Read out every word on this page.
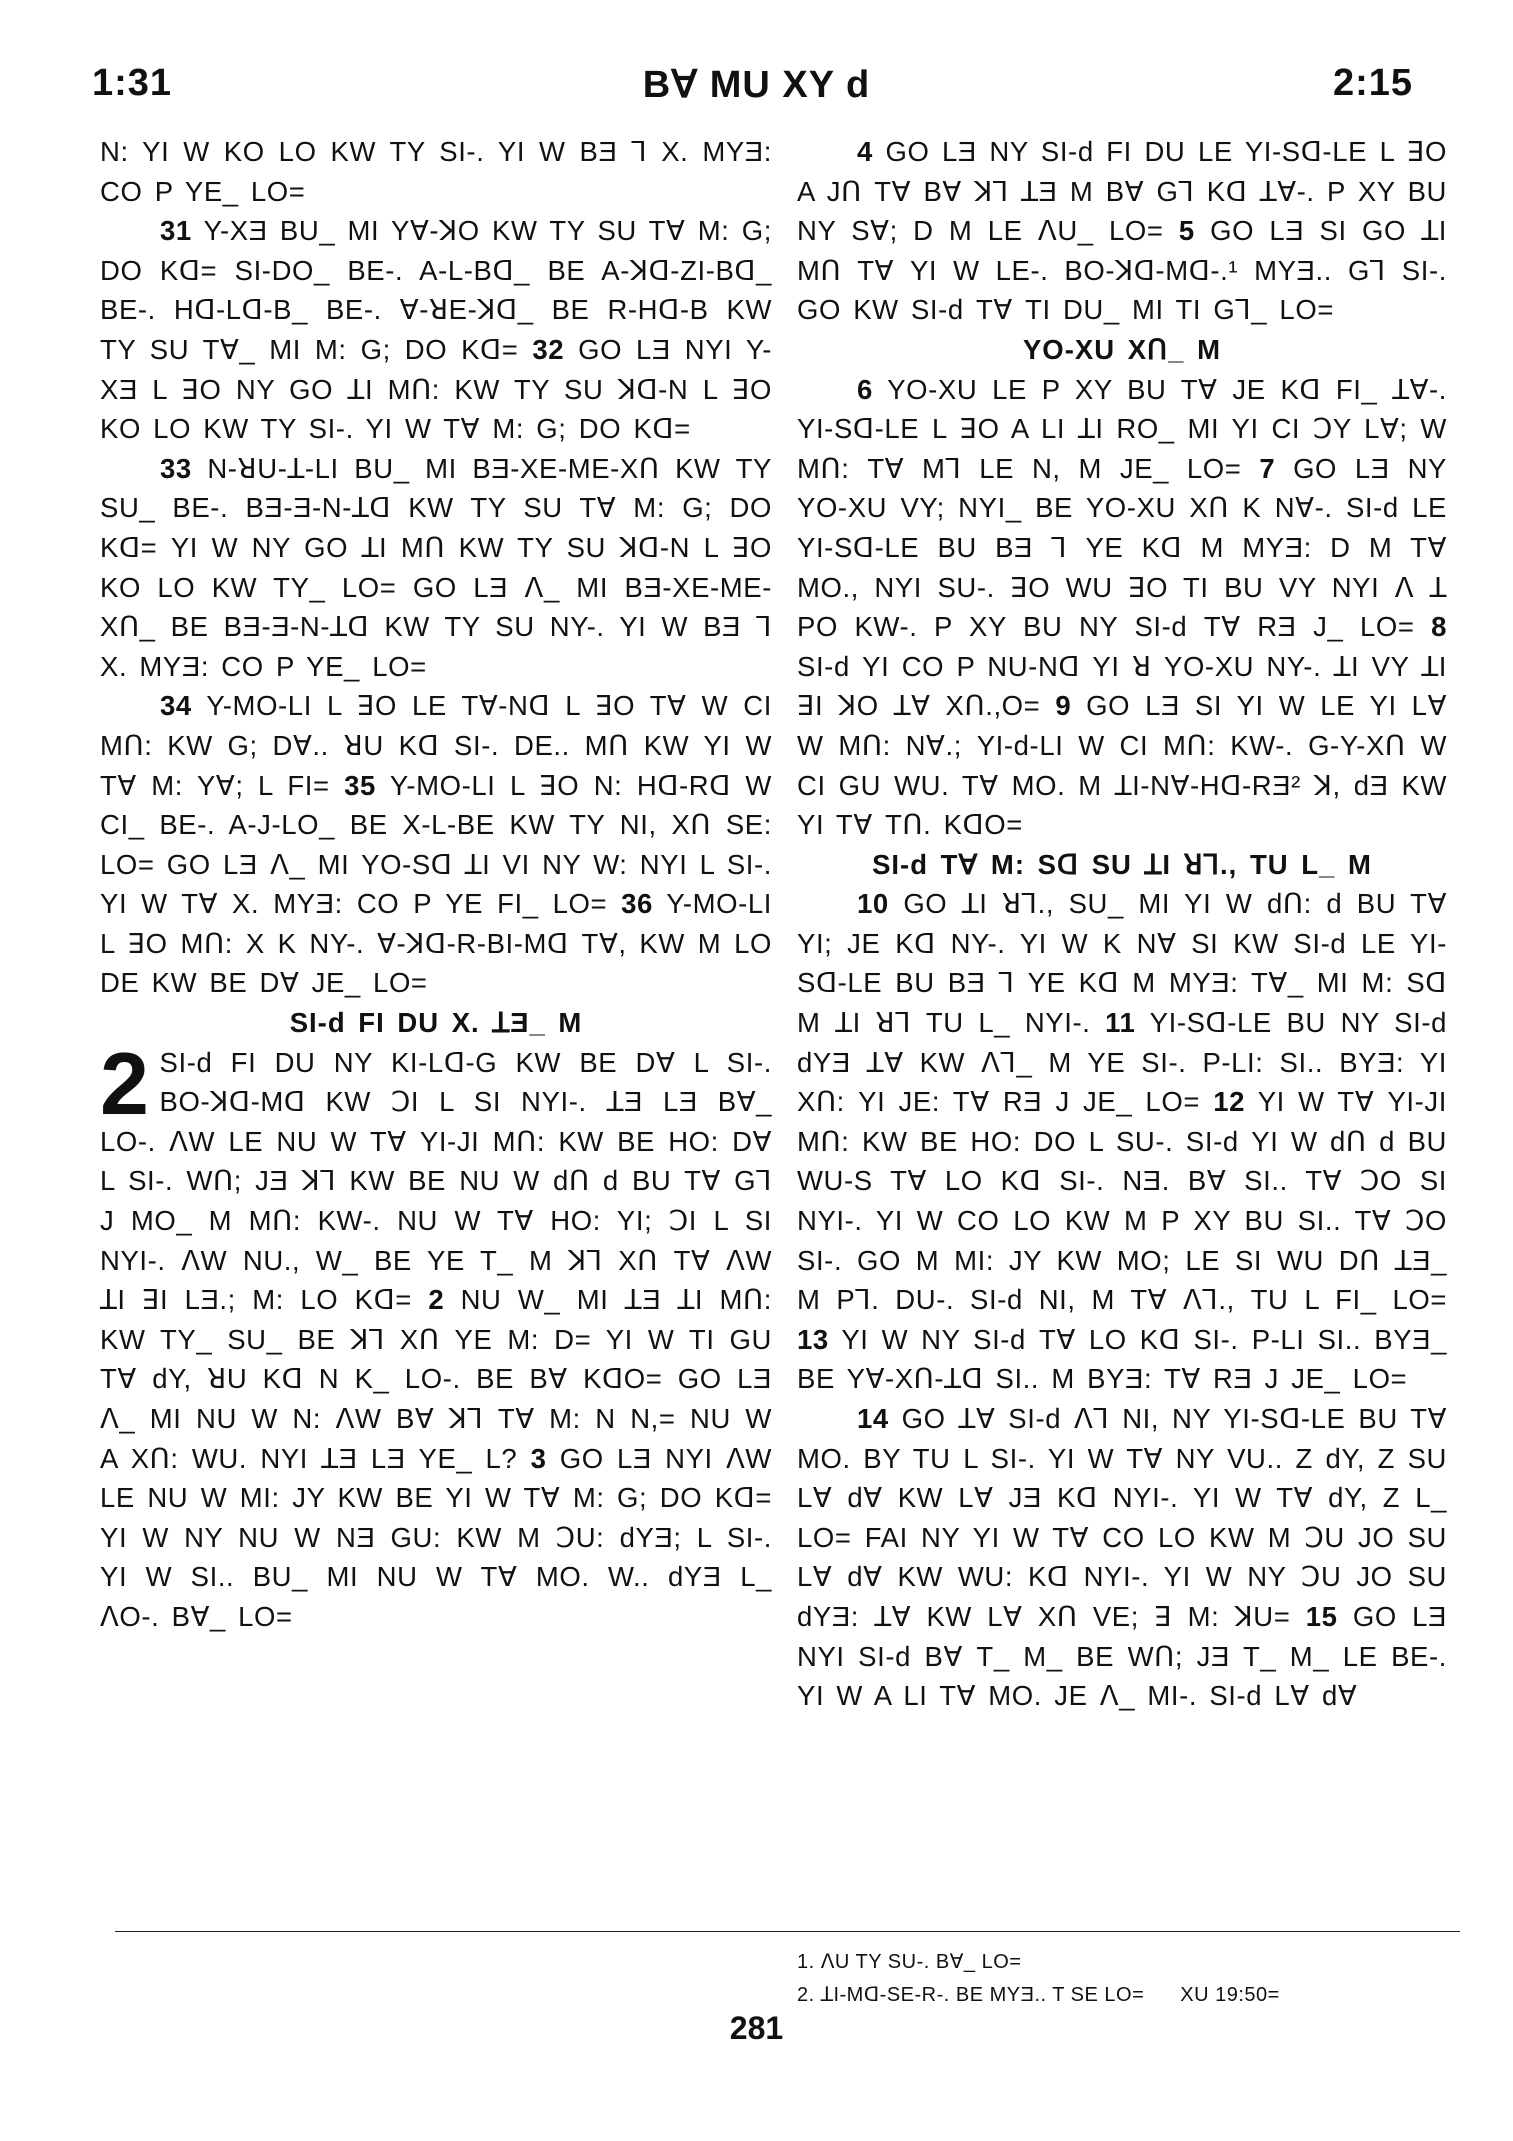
1:31	Bꓯ MU XY ԁ	2:15

N: YI W KO LO KW TY SI-. YI W BƎ ꓶ X. MYƎ: CO P YE_ LO=

31 Y-XƎ BU_ MI Yꓯ-ꓘO KW TY SU Tꓯ M: G; DO Kꓷ= SI-DO_ BE-. A-L-Bꓷ_ BE A-ꓘꓷ-ZI-Bꓷ_ BE-. Hꓷ-Lꓷ-B_ BE-. ꓯ-ꓤE-ꓘꓷ_ BE R-Hꓷ-B KW TY SU Tꓯ_ MI M: G; DO Kꓷ= 32 GO LƎ NYI Y-XƎ L ꓱO NY GO ꓕI Mꓵ: KW TY SU ꓘꓷ-N L ꓱO KO LO KW TY SI-. YI W Tꓯ M: G; DO Kꓷ=

33 N-ꓤU-ꓕ-LI BU_ MI BƎ-XE-ME-Xꓵ KW TY SU_ BE-. BƎ-Ǝ-N-ꓕꓷ KW TY SU Tꓯ M: G; DO Kꓷ= YI W NY GO ꓕI Mꓵ KW TY SU ꓘꓷ-N L ꓱO KO LO KW TY_ LO= GO LƎ ꓥ_ MI BƎ-XE-ME-Xꓵ_ BE BƎ-Ǝ-N-ꓕꓷ KW TY SU NY-. YI W BƎ ꓶ X. MYƎ: CO P YE_ LO=

34 Y-MO-LI L ꓱO LE Tꓯ-Nꓷ L ꓱO Tꓯ W CI Mꓵ: KW G; Dꓯ.. ꓤU Kꓷ SI-. DE.. Mꓵ KW YI W Tꓯ M: Yꓯ; L FI= 35 Y-MO-LI L ꓱO N: Hꓷ-Rꓷ W CI_ BE-. A-J-LO_ BE X-L-BE KW TY NI, Xꓵ SE: LO= GO LƎ ꓥ_ MI YO-Sꓷ ꓕI VI NY W: NYI L SI-. YI W Tꓯ X. MYƎ: CO P YE FI_ LO= 36 Y-MO-LI L ꓱO Mꓵ: X K NY-. ꓯ-ꓘꓷ-R-BI-Mꓷ Tꓯ, KW M LO DE KW BE Dꓯ JE_ LO=

SI-ԁ FI DU X. ꓕƎ_ M

2 SI-ԁ FI DU NY KI-Lꓷ-G KW BE Dꓯ L SI-. BO-ꓘꓷ-Mꓷ KW ꓛI L SI NYI-. ꓕƎ LƎ Bꓯ_ LO-. ꓥW LE NU W Tꓯ YI-JI Mꓵ: KW BE HO: Dꓯ L SI-. Wꓵ; JƎ ꓘꓶ KW BE NU W ԁꓵ ԁ BU Tꓯ Gꓶ J MO_ M Mꓵ: KW-. NU W Tꓯ HO: YI; ꓛI L SI NYI-. ꓥW NU., W_ BE YE T_ M ꓘꓶ Xꓵ Tꓯ ꓥW ꓕI ꓱI LƎ.; M: LO Kꓷ= 2 NU W_ MI ꓕƎ ꓕI Mꓵ: KW TY_ SU_ BE ꓘꓶ Xꓵ YE M: D= YI W TI GU Tꓯ ԁY, ꓤU Kꓷ N K_ LO-. BE Bꓯ KꓷO= GO LƎ ꓥ_ MI NU W N: ꓥW Bꓯ ꓘꓶ Tꓯ M: N N,= NU W A Xꓵ: WU. NYI ꓕƎ LƎ YE_ L? 3 GO LƎ NYI ꓥW LE NU W MI: JY KW BE YI W Tꓯ M: G; DO Kꓷ= YI W NY NU W NƎ GU: KW M ꓛU: ԁYƎ; L SI-. YI W SI.. BU_ MI NU W Tꓯ MO. W.. ԁYƎ L_ ꓥO-. Bꓯ_ LO=

4 GO LƎ NY SI-ԁ FI DU LE YI-Sꓷ-LE L ꓱO A Jꓵ Tꓯ Bꓯ ꓘꓶ ꓕƎ M Bꓯ Gꓶ Kꓷ ꓕꓯ-. P XY BU NY Sꓯ; D M LE ꓥU_ LO= 5 GO LƎ SI GO ꓕI Mꓵ Tꓯ YI W LE-. BO-ꓘꓷ-Mꓷ-.¹ MYƎ.. Gꓶ SI-. GO KW SI-ԁ Tꓯ TI DU_ MI TI Gꓶ_ LO=

YO-XU Xꓵ_ M

6 YO-XU LE P XY BU Tꓯ JE Kꓷ FI_ ꓕꓯ-. YI-Sꓷ-LE L ꓱO A LI ꓕI RO_ MI YI CI ꓛY Lꓯ; W Mꓵ: Tꓯ Mꓶ LE N, M JE_ LO= 7 GO LƎ NY YO-XU VY; NYI_ BE YO-XU Xꓵ K Nꓯ-. SI-ԁ LE YI-Sꓷ-LE BU BƎ ꓶ YE Kꓷ M MYƎ: D M Tꓯ MO., NYI SU-. ꓱO WU ꓱO TI BU VY NYI ꓥ ꓕ PO KW-. P XY BU NY SI-ԁ Tꓯ RƎ J_ LO= 8 SI-ԁ YI CO P NU-Nꓷ YI ꓤ YO-XU NY-. ꓕI VY ꓕI ꓱI ꓘO ꓕꓯ Xꓵ.,O= 9 GO LƎ SI YI W LE YI Lꓯ W Mꓵ: Nꓯ.; YI-ԁ-LI W CI Mꓵ: KW-. G-Y-Xꓵ W CI GU WU. Tꓯ MO. M ꓕI-Nꓯ-Hꓷ-RƎ² ꓘ, ԁƎ KW YI Tꓯ Tꓵ. KꓷO=

SI-ԁ Tꓯ M: Sꓷ SU ꓕI ꓤꓶ., TU L_ M

10 GO ꓕI ꓤꓶ., SU_ MI YI W ԁꓵ: ԁ BU Tꓯ YI; JE Kꓷ NY-. YI W K Nꓯ SI KW SI-ԁ LE YI-Sꓷ-LE BU BƎ ꓶ YE Kꓷ M MYƎ: Tꓯ_ MI M: Sꓷ M ꓕI ꓤꓶ TU L_ NYI-. 11 YI-Sꓷ-LE BU NY SI-ԁ ԁYƎ ꓕꓯ KW ꓥꓶ_ M YE SI-. P-LI: SI.. BYƎ: YI Xꓵ: YI JE: Tꓯ RƎ J JE_ LO= 12 YI W Tꓯ YI-JI Mꓵ: KW BE HO: DO L SU-. SI-ԁ YI W ԁꓵ ԁ BU WU-S Tꓯ LO Kꓷ SI-. NƎ. Bꓯ SI.. Tꓯ ꓛO SI NYI-. YI W CO LO KW M P XY BU SI.. Tꓯ ꓛO SI-. GO M MI: JY KW MO; LE SI WU Dꓵ ꓕƎ_ M Pꓶ. DU-. SI-ԁ NI, M Tꓯ ꓥꓶ., TU L FI_ LO= 13 YI W NY SI-ԁ Tꓯ LO Kꓷ SI-. P-LI SI.. BYƎ_ BE Yꓯ-Xꓵ-ꓕꓷ SI.. M BYƎ: Tꓯ RƎ J JE_ LO=

14 GO ꓕꓯ SI-ԁ ꓥꓶ NI, NY YI-Sꓷ-LE BU Tꓯ MO. BY TU L SI-. YI W Tꓯ NY VU.. Z ԁY, Z SU Lꓯ ԁꓯ KW Lꓯ JƎ Kꓷ NYI-. YI W Tꓯ ԁY, Z L_ LO= FAI NY YI W Tꓯ CO LO KW M ꓛU JO SU Lꓯ ԁꓯ KW WU: Kꓷ NYI-. YI W NY ꓛU JO SU ԁYƎ: ꓕꓯ KW Lꓯ Xꓵ VE; ꓱ M: ꓘU= 15 GO LƎ NYI SI-ԁ Bꓯ T_ M_ BE Wꓵ; JƎ T_ M_ LE BE-. YI W A LI Tꓯ MO. JE ꓥ_ MI-. SI-ԁ Lꓯ ԁꓯ

1. ꓥU TY SU-. Bꓯ_ LO=
2. ꓕI-Mꓷ-SE-R-. BE MYƎ.. T SE LO= XU 19:50=
281
